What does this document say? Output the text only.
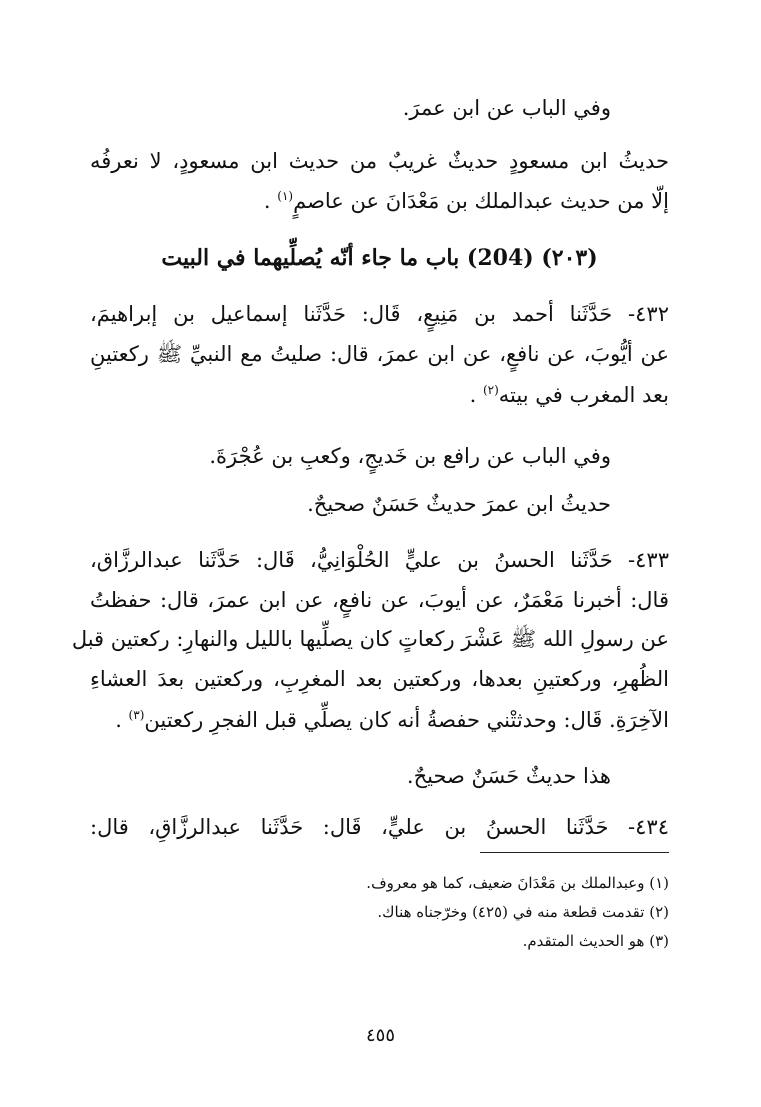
وفي الباب عن ابن عمرَ.
حديثُ ابن مسعودٍ حديثٌ غريبٌ من حديث ابن مسعودٍ، لا نعرفُه
إلّا من حديث عبدالملك بن مَعْدَانَ عن عاصمٍ$^{(١)}$ .
(٢٠٣) (204) باب ما جاء أنّه يُصلِّيهما في البيت
٤٣٢- حَدَّثَنا أحمد بن مَنِيعٍ، قَال: حَدَّثَنا إسماعيل بن إبراهيمَ،
عن أيُّوبَ، عن نافعٍ، عن ابن عمرَ، قال: صليتُ مع النبيِّ ﷺ ركعتينِ
بعد المغرب في بيته$^{(٢)}$ .
وفي الباب عن رافع بن خَديجٍ، وكعبِ بن عُجْرَةَ.
حديثُ ابن عمرَ حديثٌ حَسَنٌ صحيحٌ.
٤٣٣- حَدَّثَنا الحسنُ بن عليٍّ الحُلْوَانِيُّ، قَال: حَدَّثَنا عبدالرزَّاق،
قال: أخبرنا مَعْمَرٌ، عن أيوبَ، عن نافعٍ، عن ابن عمرَ، قال: حفظتُ
عن رسولِ الله ﷺ عَشْرَ ركعاتٍ كان يصلِّيها بالليل والنهارِ: ركعتين قبل
الظُهرِ، وركعتينِ بعدها، وركعتين بعد المغرِبِ، وركعتين بعدَ العشاءِ
الآخِرَةِ. قَال: وحدثتْني حفصةُ أنه كان يصلِّي قبل الفجرِ ركعتين$^{(٣)}$ .
هذا حديثٌ حَسَنٌ صحيحٌ.
٤٣٤- حَدَّثَنا الحسنُ بن عليٍّ، قَال: حَدَّثَنا عبدالرزَّاقِ، قال:
(١) وعبدالملك بن مَعْدَانَ ضعيف، كما هو معروف.
(٢) تقدمت قطعة منه في (٤٢٥) وخرّجناه هناك.
(٣) هو الحديث المتقدم.
٤٥٥
